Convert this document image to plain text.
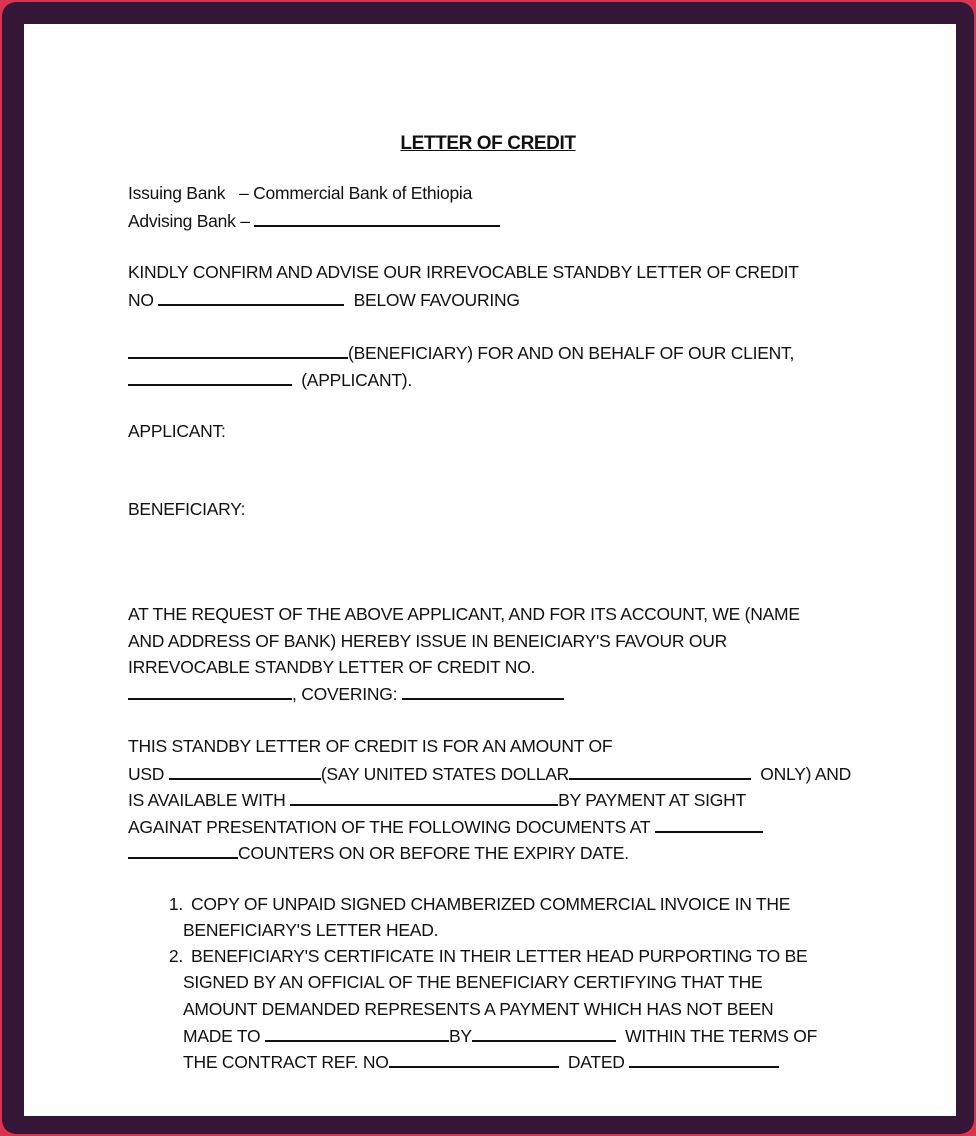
LETTER OF CREDIT
Issuing Bank – Commercial Bank of Ethiopia
Advising Bank –
KINDLY CONFIRM AND ADVISE OUR IRREVOCABLE STANDBY LETTER OF CREDIT
NO	BELOW FAVOURING
(BENEFICIARY) FOR AND ON BEHALF OF OUR CLIENT,
(APPLICANT).
APPLICANT:
BENEFICIARY:
AT THE REQUEST OF THE ABOVE APPLICANT, AND FOR ITS ACCOUNT, WE (NAME
AND ADDRESS OF BANK) HEREBY ISSUE IN BENEICIARY'S FAVOUR OUR
IRREVOCABLE STANDBY LETTER OF CREDIT NO.
, COVERING:
THIS STANDBY LETTER OF CREDIT IS FOR AN AMOUNT OF
USD	(SAY UNITED STATES DOLLAR	ONLY) AND
IS AVAILABLE WITH	BY PAYMENT AT SIGHT
AGAINAT PRESENTATION OF THE FOLLOWING DOCUMENTS AT
COUNTERS ON OR BEFORE THE EXPIRY DATE.
1. COPY OF UNPAID SIGNED CHAMBERIZED COMMERCIAL INVOICE IN THE
BENEFICIARY'S LETTER HEAD.
2. BENEFICIARY'S CERTIFICATE IN THEIR LETTER HEAD PURPORTING TO BE
SIGNED BY AN OFFICIAL OF THE BENEFICIARY CERTIFYING THAT THE
AMOUNT DEMANDED REPRESENTS A PAYMENT WHICH HAS NOT BEEN
MADE TO	BY	WITHIN THE TERMS OF
THE CONTRACT REF. NO	DATED
